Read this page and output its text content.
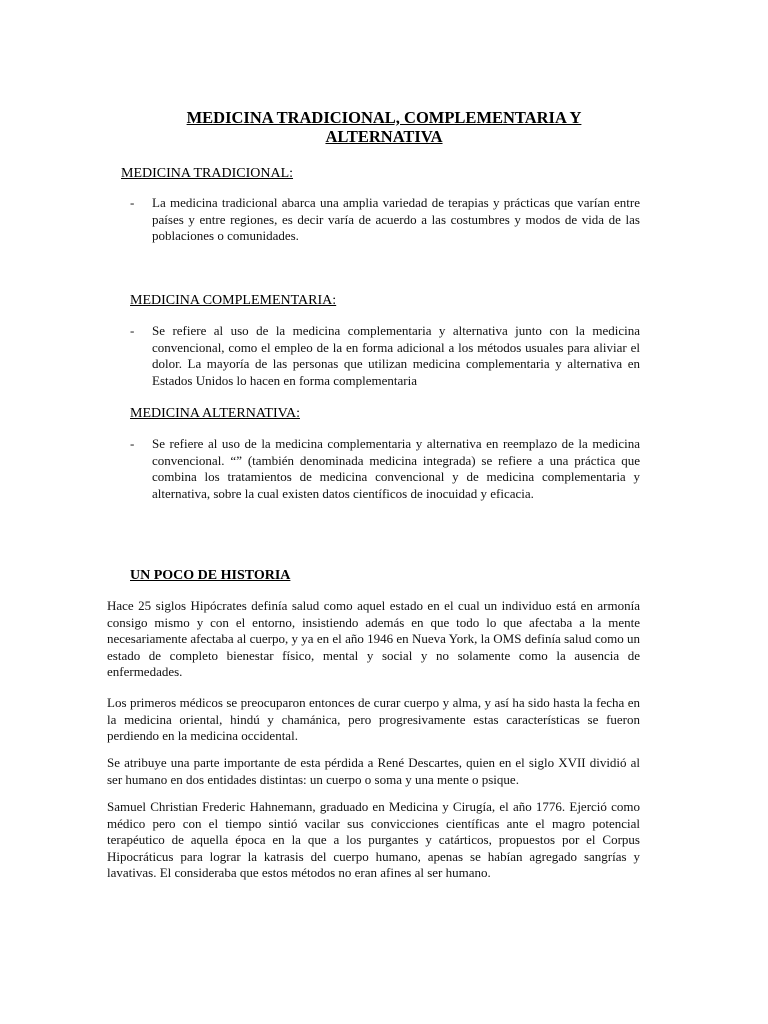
MEDICINA TRADICIONAL, COMPLEMENTARIA Y
ALTERNATIVA
MEDICINA TRADICIONAL:
- La medicina tradicional abarca una amplia variedad de terapias y prácticas que varían entre países y entre regiones, es decir varía de acuerdo a las costumbres y modos de vida de las poblaciones o comunidades.
MEDICINA COMPLEMENTARIA:
- Se refiere al uso de la medicina complementaria y alternativa junto con la medicina convencional, como el empleo de la en forma adicional a los métodos usuales para aliviar el dolor. La mayoría de las personas que utilizan medicina complementaria y alternativa en Estados Unidos lo hacen en forma complementaria
MEDICINA ALTERNATIVA:
- Se refiere al uso de la medicina complementaria y alternativa en reemplazo de la medicina convencional. “” (también denominada medicina integrada) se refiere a una práctica que combina los tratamientos de medicina convencional y de medicina complementaria y alternativa, sobre la cual existen datos científicos de inocuidad y eficacia.
UN POCO DE HISTORIA
Hace 25 siglos Hipócrates definía salud como aquel estado en el cual un individuo está en armonía consigo mismo y con el entorno, insistiendo además en que todo lo que afectaba a la mente necesariamente afectaba al cuerpo, y ya en el año 1946 en Nueva York, la OMS definía salud como un estado de completo bienestar físico, mental y social y no solamente como la ausencia de enfermedades.
Los primeros médicos se preocuparon entonces de curar cuerpo y alma, y así ha sido hasta la fecha en la medicina oriental, hindú y chamánica, pero progresivamente estas características se fueron perdiendo en la medicina occidental.
Se atribuye una parte importante de esta pérdida a René Descartes, quien en el siglo XVII dividió al ser humano en dos entidades distintas: un cuerpo o soma y una mente o psique.
Samuel Christian Frederic Hahnemann, graduado en Medicina y Cirugía, el año 1776. Ejerció como médico pero con el tiempo sintió vacilar sus convicciones científicas ante el magro potencial terapéutico de aquella época en la que a los purgantes y catárticos, propuestos por el Corpus Hipocráticus para lograr la katrasis del cuerpo humano, apenas se habían agregado sangrías y lavativas. El consideraba que estos métodos no eran afines al ser humano.
